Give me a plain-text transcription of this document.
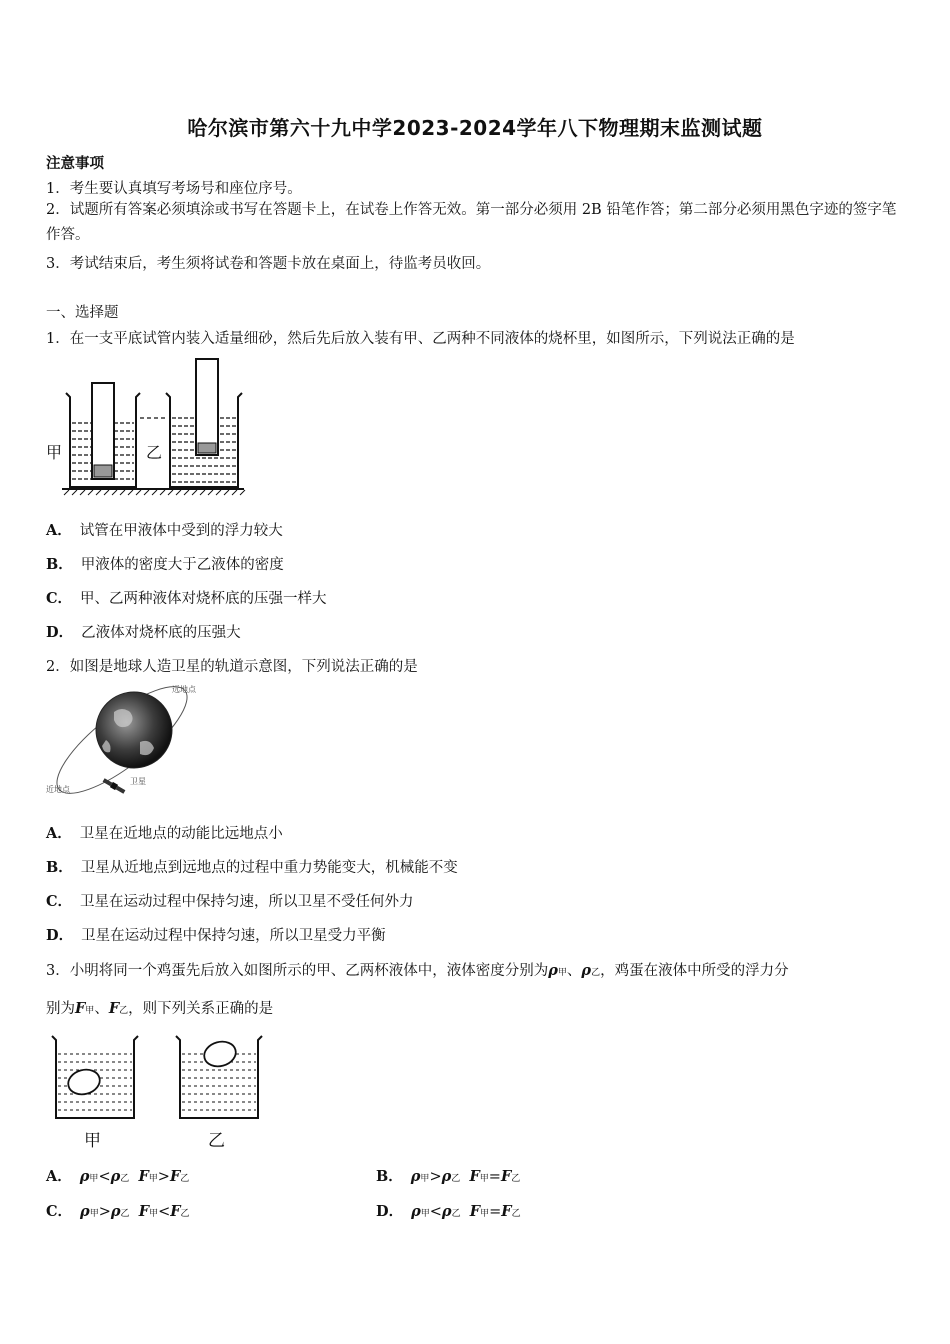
哈尔滨市第六十九中学2023-2024学年八下物理期末监测试题
注意事项
1．考生要认真填写考场号和座位序号。
2．试题所有答案必须填涂或书写在答题卡上，在试卷上作答无效。第一部分必须用 2B 铅笔作答；第二部分必须用黑色字迹的签字笔作答。
3．考试结束后，考生须将试卷和答题卡放在桌面上，待监考员收回。
一、选择题
1．在一支平底试管内装入适量细砂，然后先后放入装有甲、乙两种不同液体的烧杯里，如图所示，下列说法正确的是
甲	乙
A． 试管在甲液体中受到的浮力较大
B． 甲液体的密度大于乙液体的密度
C． 甲、乙两种液体对烧杯底的压强一样大
D． 乙液体对烧杯底的压强大
2．如图是地球人造卫星的轨道示意图，下列说法正确的是
远地点
近地点
卫星
A． 卫星在近地点的动能比远地点小
B． 卫星从近地点到远地点的过程中重力势能变大，机械能不变
C． 卫星在运动过程中保持匀速，所以卫星不受任何外力
D． 卫星在运动过程中保持匀速，所以卫星受力平衡
3．小明将同一个鸡蛋先后放入如图所示的甲、乙两杯液体中，液体密度分别为ρ甲、ρ乙，鸡蛋在液体中所受的浮力分
别为F甲、F乙，则下列关系正确的是
甲	乙
A． ρ甲<ρ乙 F甲>F乙	B． ρ甲>ρ乙 F甲=F乙
C． ρ甲>ρ乙 F甲<F乙	D． ρ甲<ρ乙 F甲=F乙
